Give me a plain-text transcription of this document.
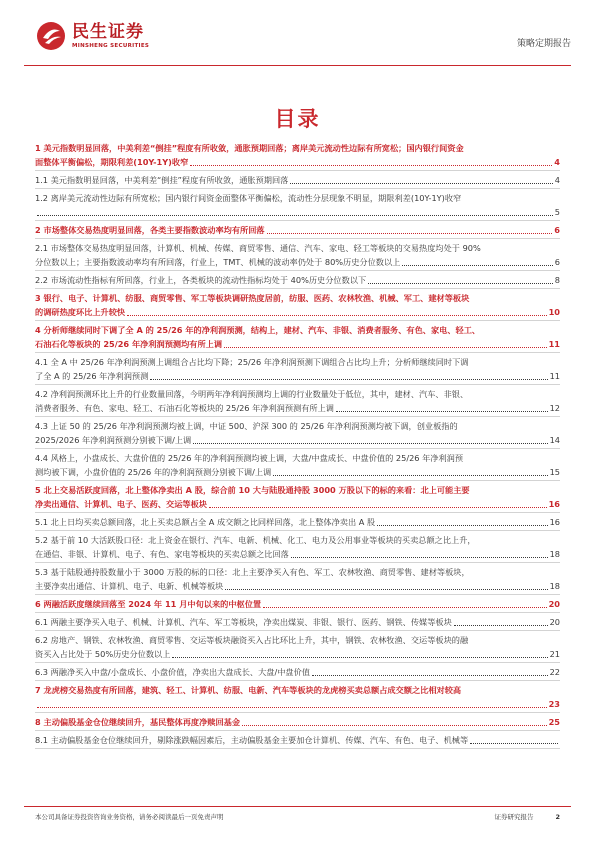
民生证券
MINSHENG SECURITIES	策略定期报告
目录
1 美元指数明显回落，中美利差“倒挂”程度有所收敛，通胀预期回落；离岸美元流动性边际有所宽松；国内银行间资金
面整体平衡偏松，期限利差(10Y-1Y)收窄	4
1.1 美元指数明显回落，中美利差“倒挂”程度有所收敛，通胀预期回落	4
1.2 离岸美元流动性边际有所宽松；国内银行间资金面整体平衡偏松，流动性分层现象不明显，期限利差(10Y-1Y)收窄
5
2 市场整体交易热度明显回落，各类主要指数波动率均有所回落	6
2.1 市场整体交易热度明显回落，计算机、机械、传媒、商贸零售、通信、汽车、家电、轻工等板块的交易热度均处于 90%
分位数以上；主要指数波动率均有所回落，行业上，TMT、机械的波动率仍处于 80%历史分位数以上	6
2.2 市场流动性指标有所回落，行业上，各类板块的流动性指标均处于 40%历史分位数以下	8
3 银行、电子、计算机、纺服、商贸零售、军工等板块调研热度居前，纺服、医药、农林牧渔、机械、军工、建材等板块
的调研热度环比上升较快	10
4 分析师继续同时下调了全 A 的 25/26 年的净利润预测，结构上，建材、汽车、非银、消费者服务、有色、家电、轻工、
石油石化等板块的 25/26 年净利润预测均有所上调	11
4.1 全 A 中 25/26 年净利润预测上调组合占比均下降；25/26 年净利润预测下调组合占比均上升；分析师继续同时下调
了全 A 的 25/26 年净利润预测	11
4.2 净利润预测环比上升的行业数量回落，今明两年净利润预测均上调的行业数量处于低位，其中，建材、汽车、非银、
消费者服务、有色、家电、轻工、石油石化等板块的 25/26 年净利润预测有所上调	12
4.3 上证 50 的 25/26 年净利润预测均被上调，中证 500、沪深 300 的 25/26 年净利润预测均被下调，创业板指的
2025/2026 年净利润预测分别被下调/上调	14
4.4 风格上，小盘成长、大盘价值的 25/26 年的净利润预测均被上调，大盘/中盘成长、中盘价值的 25/26 年净利润预
测均被下调，小盘价值的 25/26 年的净利润预测分别被下调/上调	15
5 北上交易活跃度回落，北上整体净卖出 A 股，综合前 10 大与陆股通持股 3000 万股以下的标的来看：北上可能主要
净卖出通信、计算机、电子、医药、交运等板块	16
5.1 北上日均买卖总额回落，北上买卖总额占全 A 成交额之比同样回落，北上整体净卖出 A 股	16
5.2 基于前 10 大活跃股口径：北上资金在银行、汽车、电新、机械、化工、电力及公用事业等板块的买卖总额之比上升，
在通信、非银、计算机、电子、有色、家电等板块的买卖总额之比回落	18
5.3 基于陆股通持股数量小于 3000 万股的标的口径：北上主要净买入有色、军工、农林牧渔、商贸零售、建材等板块，
主要净卖出通信、计算机、电子、电新、机械等板块	18
6 两融活跃度继续回落至 2024 年 11 月中旬以来的中枢位置	20
6.1 两融主要净买入电子、机械、计算机、汽车、军工等板块，净卖出煤炭、非银、银行、医药、钢铁、传媒等板块	20
6.2 房地产、钢铁、农林牧渔、商贸零售、交运等板块融资买入占比环比上升，其中，钢铁、农林牧渔、交运等板块的融
资买入占比处于 50%历史分位数以上	21
6.3 两融净买入中盘/小盘成长、小盘价值，净卖出大盘成长、大盘/中盘价值	22
7 龙虎榜交易热度有所回落，建筑、轻工、计算机、纺服、电新、汽车等板块的龙虎榜买卖总额占成交额之比相对较高
23
8 主动偏股基金仓位继续回升，基民整体再度净赎回基金	25
8.1 主动偏股基金仓位继续回升，剔除涨跌幅因素后，主动偏股基金主要加仓计算机、传媒、汽车、有色、电子、机械等
本公司具备证券投资咨询业务资格，请务必阅读最后一页免责声明	证券研究报告	2
